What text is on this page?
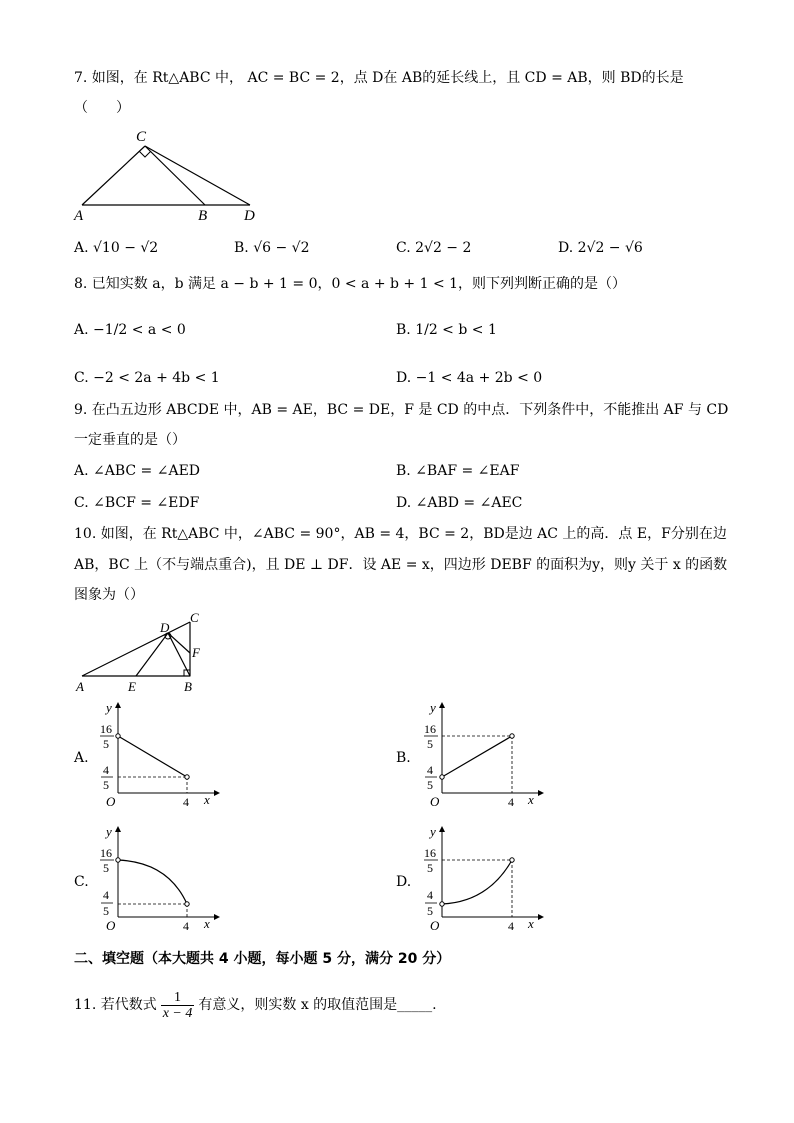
7. 如图，在 Rt△ABC 中， AC = BC = 2，点 D在 AB的延长线上，且 CD = AB，则 BD的长是
（　　）
C
A	B D
A. √10 − √2	B. √6 − √2	C. 2√2 − 2	D. 2√2 − √6
8. 已知实数 a，b 满足 a − b + 1 = 0，0 < a + b + 1 < 1，则下列判断正确的是（）
A. −1/2 < a < 0	B. 1/2 < b < 1
C. −2 < 2a + 4b < 1	D. −1 < 4a + 2b < 0
9. 在凸五边形 ABCDE 中，AB = AE，BC = DE，F 是 CD 的中点．下列条件中，不能推出 AF 与 CD
一定垂直的是（）
A. ∠ABC = ∠AED	B. ∠BAF = ∠EAF
C. ∠BCF = ∠EDF	D. ∠ABD = ∠AEC
10. 如图，在 Rt△ABC 中，∠ABC = 90°，AB = 4，BC = 2，BD是边 AC 上的高．点 E，F分别在边
AB，BC 上（不与端点重合)，且 DE ⊥ DF．设 AE = x，四边形 DEBF 的面积为y，则y 关于 x 的函数
图象为（）
C
D
F
A	E	B
A.	B.
C.	D.
y
x
O
16
5
4
5
4
y
x
O
16
5
4
5
4
y
x
O
16
5
4
5
4
y
x
O
16
5
4
5
4
二、填空题（本大题共 4 小题，每小题 5 分，满分 20 分）
11. 若代数式 $\frac{1}{x - 4}$ 有意义，则实数 x 的取值范围是_____.
